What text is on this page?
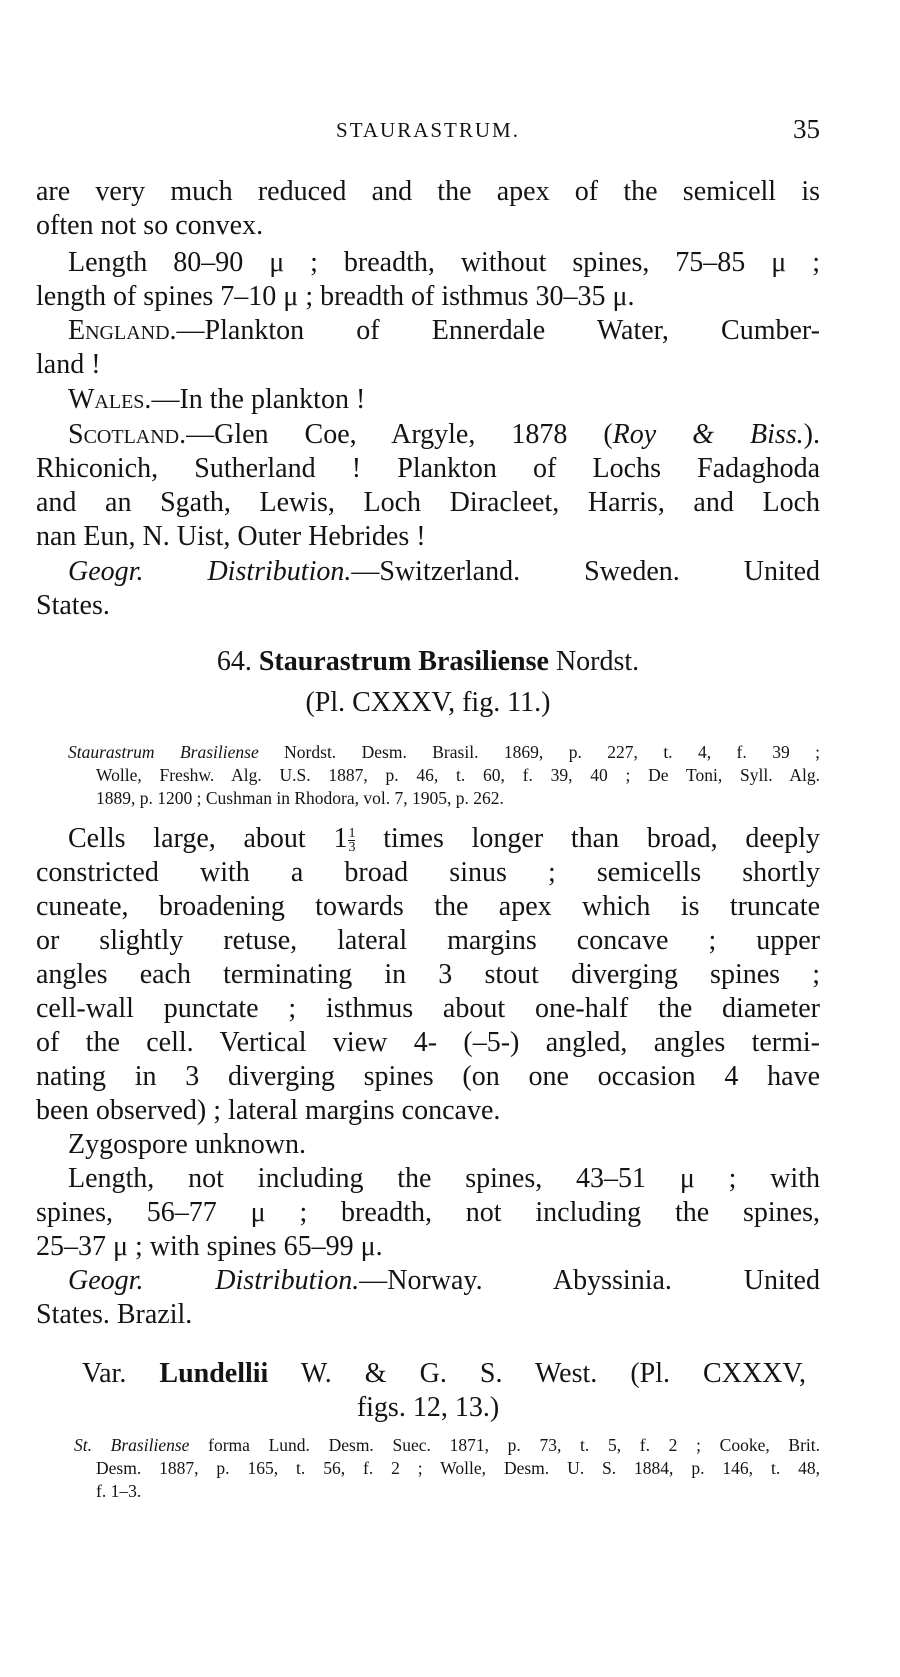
STAURASTRUM.	35
are very much reduced and the apex of the semicell is
often not so convex.
Length 80–90 μ ; breadth, without spines, 75–85 μ ;
length of spines 7–10 μ ; breadth of isthmus 30–35 μ.
England.—Plankton of Ennerdale Water, Cumber-
land !
Wales.—In the plankton !
Scotland.—Glen Coe, Argyle, 1878 (Roy & Biss.).
Rhiconich, Sutherland ! Plankton of Lochs Fadaghoda
and an Sgath, Lewis, Loch Diracleet, Harris, and Loch
nan Eun, N. Uist, Outer Hebrides !
Geogr. Distribution.—Switzerland. Sweden. United
States.
64. Staurastrum Brasiliense Nordst.
(Pl. CXXXV, fig. 11.)
Staurastrum Brasiliense Nordst. Desm. Brasil. 1869, p. 227, t. 4, f. 39 ;
Wolle, Freshw. Alg. U.S. 1887, p. 46, t. 60, f. 39, 40 ; De Toni, Syll. Alg.
1889, p. 1200 ; Cushman in Rhodora, vol. 7, 1905, p. 262.
Cells large, about $1 \frac{1}{3}$ times longer than broad, deeply
constricted with a broad sinus ; semicells shortly
cuneate, broadening towards the apex which is truncate
or slightly retuse, lateral margins concave ; upper
angles each terminating in 3 stout diverging spines ;
cell-wall punctate ; isthmus about one-half the diameter
of the cell. Vertical view 4- (–5-) angled, angles termi-
nating in 3 diverging spines (on one occasion 4 have
been observed) ; lateral margins concave.
Zygospore unknown.
Length, not including the spines, 43–51 μ ; with
spines, 56–77 μ ; breadth, not including the spines,
25–37 μ ; with spines 65–99 μ.
Geogr. Distribution.—Norway. Abyssinia. United
States. Brazil.
Var. Lundellii W. & G. S. West. (Pl. CXXXV,
figs. 12, 13.)
St. Brasiliense forma Lund. Desm. Suec. 1871, p. 73, t. 5, f. 2 ; Cooke, Brit.
Desm. 1887, p. 165, t. 56, f. 2 ; Wolle, Desm. U. S. 1884, p. 146, t. 48,
f. 1–3.
